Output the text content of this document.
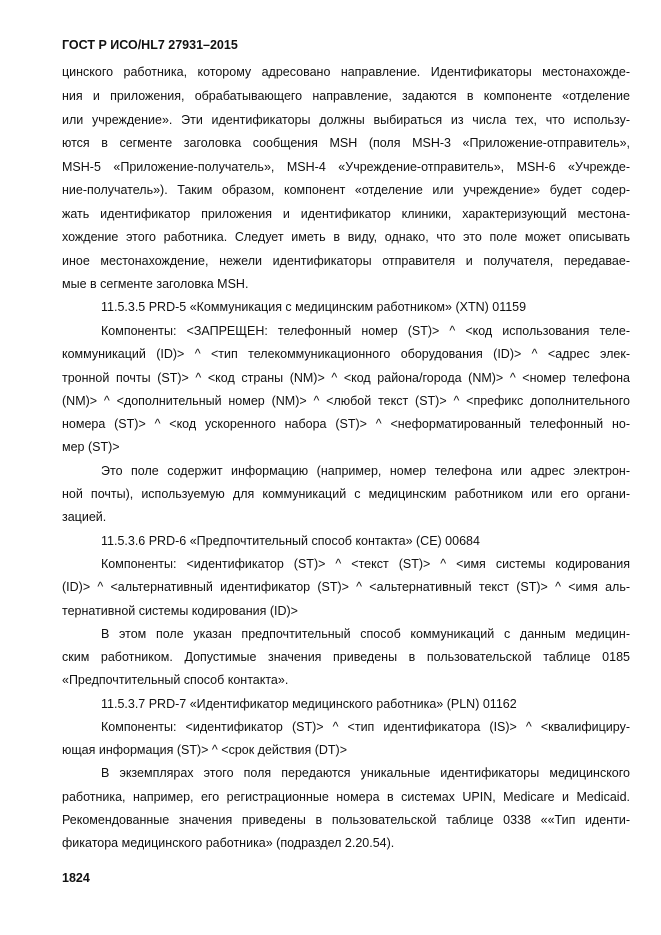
ГОСТ Р ИСО/HL7 27931–2015
цинского работника, которому адресовано направление. Идентификаторы местонахожде-
ния и приложения, обрабатывающего направление, задаются в компоненте «отделение
или учреждение». Эти идентификаторы должны выбираться из числа тех, что использу-
ются в сегменте заголовка сообщения MSH (поля MSH-3 «Приложение-отправитель»,
MSH-5 «Приложение-получатель», MSH-4 «Учреждение-отправитель», MSH-6 «Учрежде-
ние-получатель»). Таким образом, компонент «отделение или учреждение» будет содер-
жать идентификатор приложения и идентификатор клиники, характеризующий местона-
хождение этого работника. Следует иметь в виду, однако, что это поле может описывать
иное местонахождение, нежели идентификаторы отправителя и получателя, передавае-
мые в сегменте заголовка MSH.
11.5.3.5 PRD-5 «Коммуникация с медицинским работником» (XTN) 01159
Компоненты: <ЗАПРЕЩЕН: телефонный номер (ST)> ^ <код использования теле-
коммуникаций (ID)> ^ <тип телекоммуникационного оборудования (ID)> ^ <адрес элек-
тронной почты (ST)> ^ <код страны (NM)> ^ <код района/города (NM)> ^ <номер телефона
(NM)> ^ <дополнительный номер (NM)> ^ <любой текст (ST)> ^ <префикс дополнительного
номера (ST)> ^ <код ускоренного набора (ST)> ^ <неформатированный телефонный но-
мер (ST)>
Это поле содержит информацию (например, номер телефона или адрес электрон-
ной почты), используемую для коммуникаций с медицинским работником или его органи-
зацией.
11.5.3.6 PRD-6 «Предпочтительный способ контакта» (CE) 00684
Компоненты: <идентификатор (ST)> ^ <текст (ST)> ^ <имя системы кодирования
(ID)> ^ <альтернативный идентификатор (ST)> ^ <альтернативный текст (ST)> ^ <имя аль-
тернативной системы кодирования (ID)>
В этом поле указан предпочтительный способ коммуникаций с данным медицин-
ским работником. Допустимые значения приведены в пользовательской таблице 0185
«Предпочтительный способ контакта».
11.5.3.7 PRD-7 «Идентификатор медицинского работника» (PLN) 01162
Компоненты: <идентификатор (ST)> ^ <тип идентификатора (IS)> ^ <квалифициру-
ющая информация (ST)> ^ <срок действия (DT)>
В экземплярах этого поля передаются уникальные идентификаторы медицинского
работника, например, его регистрационные номера в системах UPIN, Medicare и Medicaid.
Рекомендованные значения приведены в пользовательской таблице 0338 ««Тип иденти-
фикатора медицинского работника» (подраздел 2.20.54).
1824
